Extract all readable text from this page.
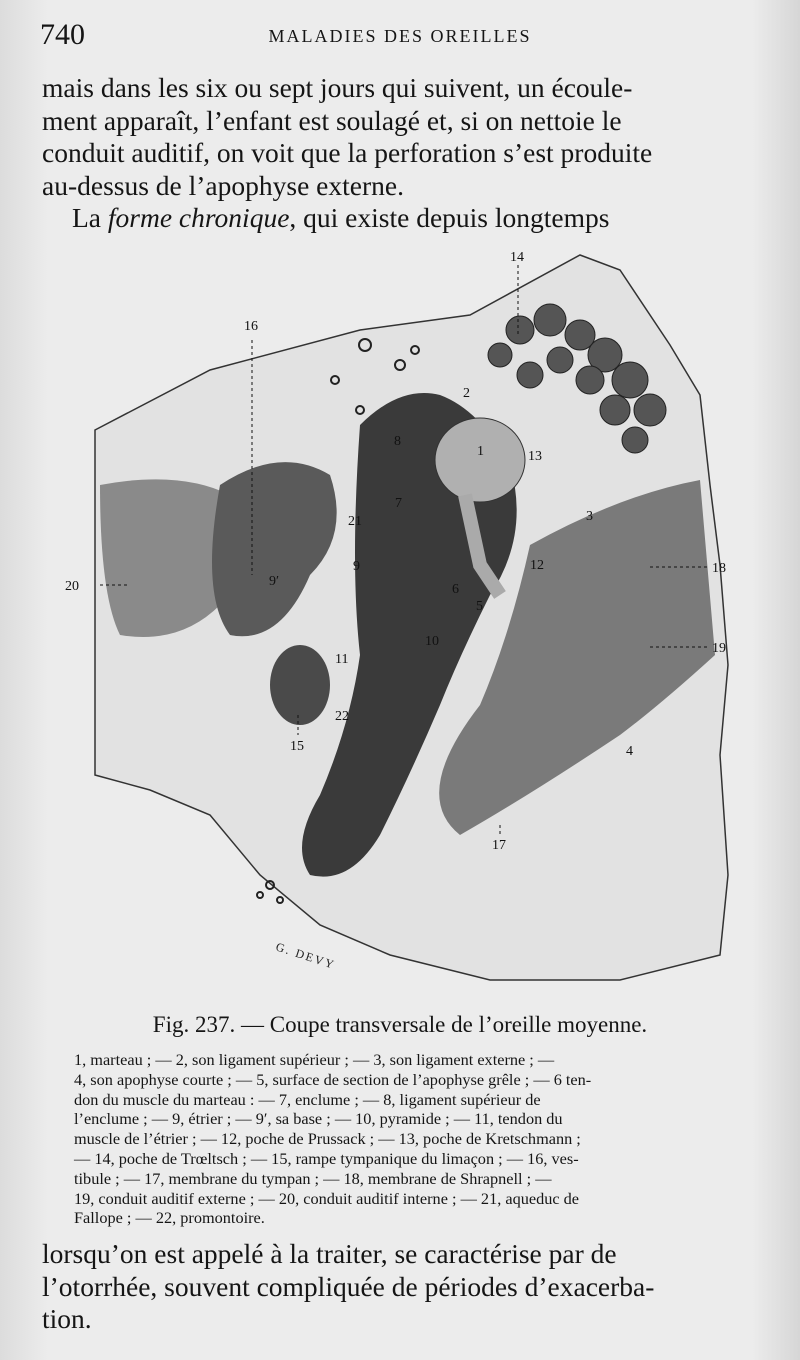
740	MALADIES DES OREILLES
mais dans les six ou sept jours qui suivent, un écoule-
ment apparaît, l’enfant est soulagé et, si on nettoie le
conduit auditif, on voit que la perforation s’est produite
au-dessus de l’apophyse externe.
La forme chronique, qui existe depuis longtemps
1
2
3
4
5
6
7
8
9
9′
10
11
12
13
14
15
16
17
18
19
20
21
22
G. DEVY
Fig. 237. — Coupe transversale de l’oreille moyenne.
1, marteau ; — 2, son ligament supérieur ; — 3, son ligament externe ; —
4, son apophyse courte ; — 5, surface de section de l’apophyse grêle ; — 6 ten-
don du muscle du marteau : — 7, enclume ; — 8, ligament supérieur de
l’enclume ; — 9, étrier ; — 9′, sa base ; — 10, pyramide ; — 11, tendon du
muscle de l’étrier ; — 12, poche de Prussack ; — 13, poche de Kretschmann ;
— 14, poche de Trœltsch ; — 15, rampe tympanique du limaçon ; — 16, ves-
tibule ; — 17, membrane du tympan ; — 18, membrane de Shrapnell ; —
19, conduit auditif externe ; — 20, conduit auditif interne ; — 21, aqueduc de
Fallope ; — 22, promontoire.
lorsqu’on est appelé à la traiter, se caractérise par de
l’otorrhée, souvent compliquée de périodes d’exacerba-
tion.
